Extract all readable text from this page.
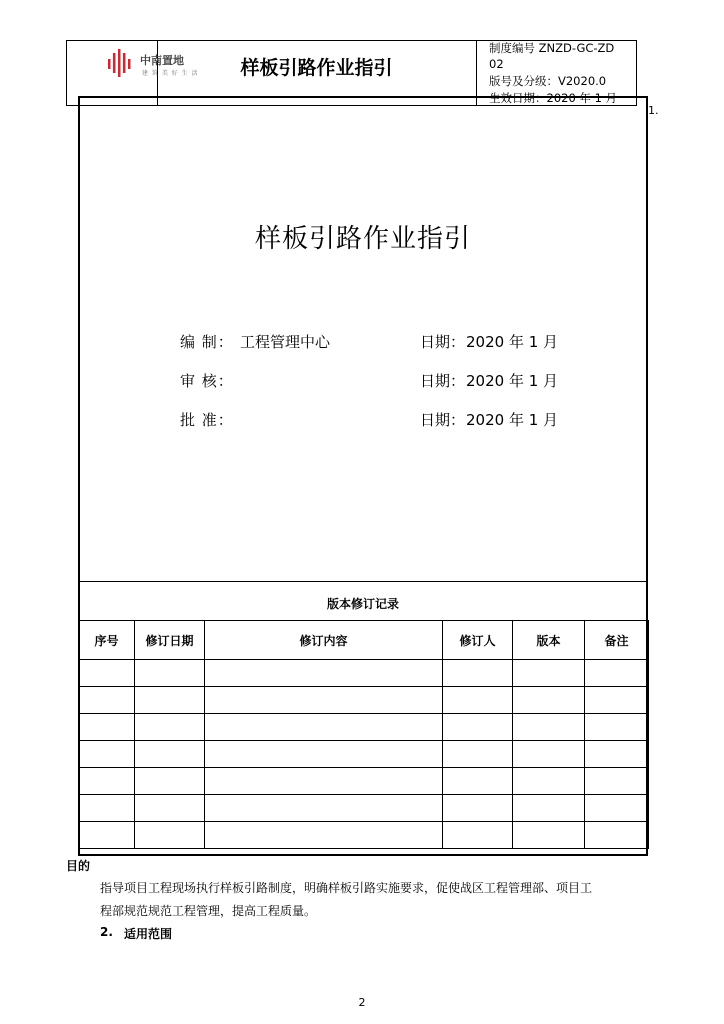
中南置地
建 筑 美 好 生 活	样板引路作业指引
制度编号 ZNZD-GC-ZD
02
版号及分级：V2020.0
生效日期：2020 年 1 月
1.
样板引路作业指引
编 制： 工程管理中心	日期： 2020 年 1 月
审 核：	日期： 2020 年 1 月
批 准：	日期： 2020 年 1 月
版本修订记录
序号	修订日期	修订内容	修订人	版本	备注

目的
指导项目工程现场执行样板引路制度，明确样板引路实施要求，促使战区工程管理部、项目工
程部规范规范工程管理，提高工程质量。
2. 适用范围
2
